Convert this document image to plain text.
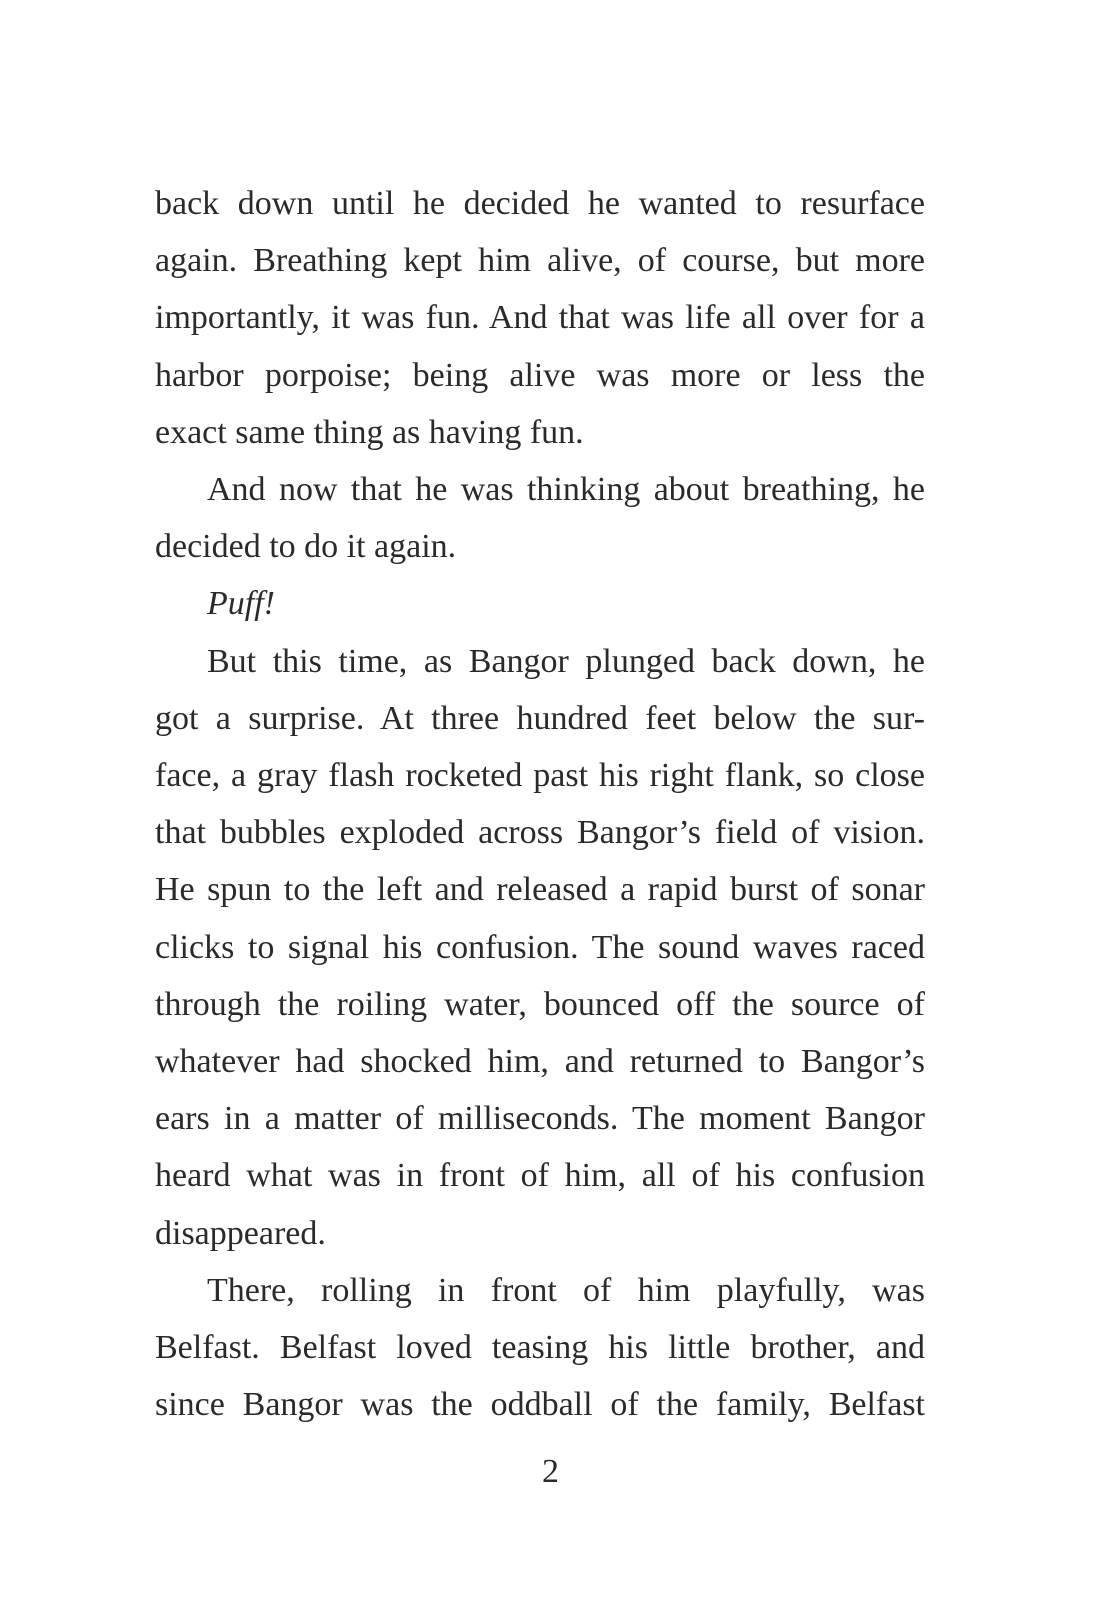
back down until he decided he wanted to resurface
again. Breathing kept him alive, of course, but more
importantly, it was fun. And that was life all over for a
harbor porpoise; being alive was more or less the
exact same thing as having fun.

And now that he was thinking about breathing, he
decided to do it again.

Puff!

But this time, as Bangor plunged back down, he
got a surprise. At three hundred feet below the sur-
face, a gray flash rocketed past his right flank, so close
that bubbles exploded across Bangor’s field of vision.
He spun to the left and released a rapid burst of sonar
clicks to signal his confusion. The sound waves raced
through the roiling water, bounced off the source of
whatever had shocked him, and returned to Bangor’s
ears in a matter of milliseconds. The moment Bangor
heard what was in front of him, all of his confusion
disappeared.

There, rolling in front of him playfully, was
Belfast. Belfast loved teasing his little brother, and
since Bangor was the oddball of the family, Belfast

2
